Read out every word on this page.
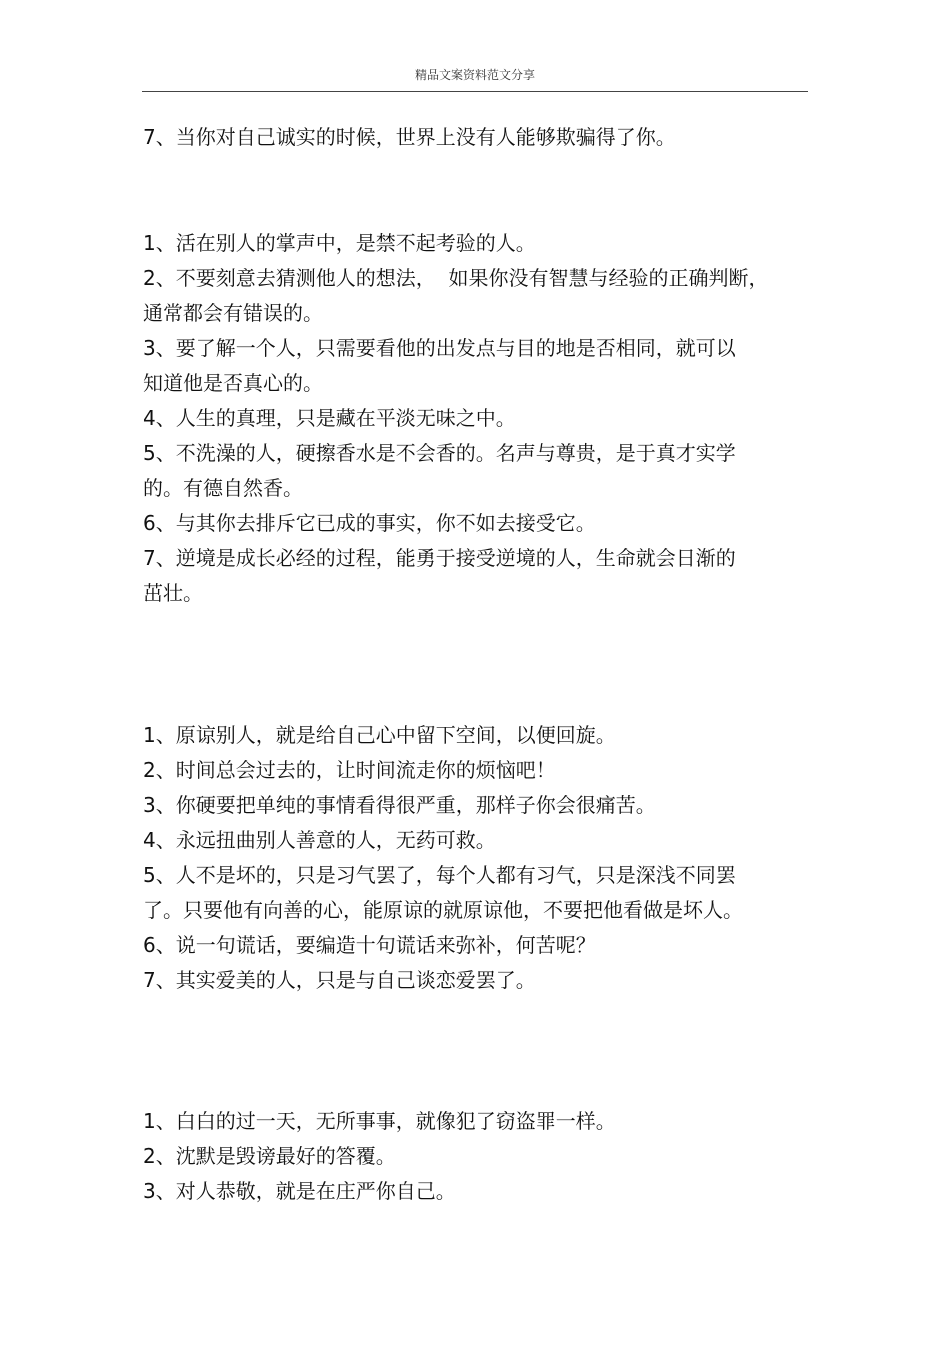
精品文案资料范文分享
7、当你对自己诚实的时候，世界上没有人能够欺骗得了你。
1、活在别人的掌声中，是禁不起考验的人。
2、不要刻意去猜测他人的想法，  如果你没有智慧与经验的正确判断，
通常都会有错误的。
3、要了解一个人，只需要看他的出发点与目的地是否相同，就可以
知道他是否真心的。
4、人生的真理，只是藏在平淡无味之中。
5、不洗澡的人，硬擦香水是不会香的。名声与尊贵，是于真才实学
的。有德自然香。
6、与其你去排斥它已成的事实，你不如去接受它。
7、逆境是成长必经的过程，能勇于接受逆境的人，生命就会日渐的
茁壮。
1、原谅别人，就是给自己心中留下空间，以便回旋。
2、时间总会过去的，让时间流走你的烦恼吧！
3、你硬要把单纯的事情看得很严重，那样子你会很痛苦。
4、永远扭曲别人善意的人，无药可救。
5、人不是坏的，只是习气罢了，每个人都有习气，只是深浅不同罢
了。只要他有向善的心，能原谅的就原谅他，不要把他看做是坏人。
6、说一句谎话，要编造十句谎话来弥补，何苦呢？
7、其实爱美的人，只是与自己谈恋爱罢了。
1、白白的过一天，无所事事，就像犯了窃盗罪一样。
2、沈默是毁谤最好的答覆。
3、对人恭敬，就是在庄严你自己。
